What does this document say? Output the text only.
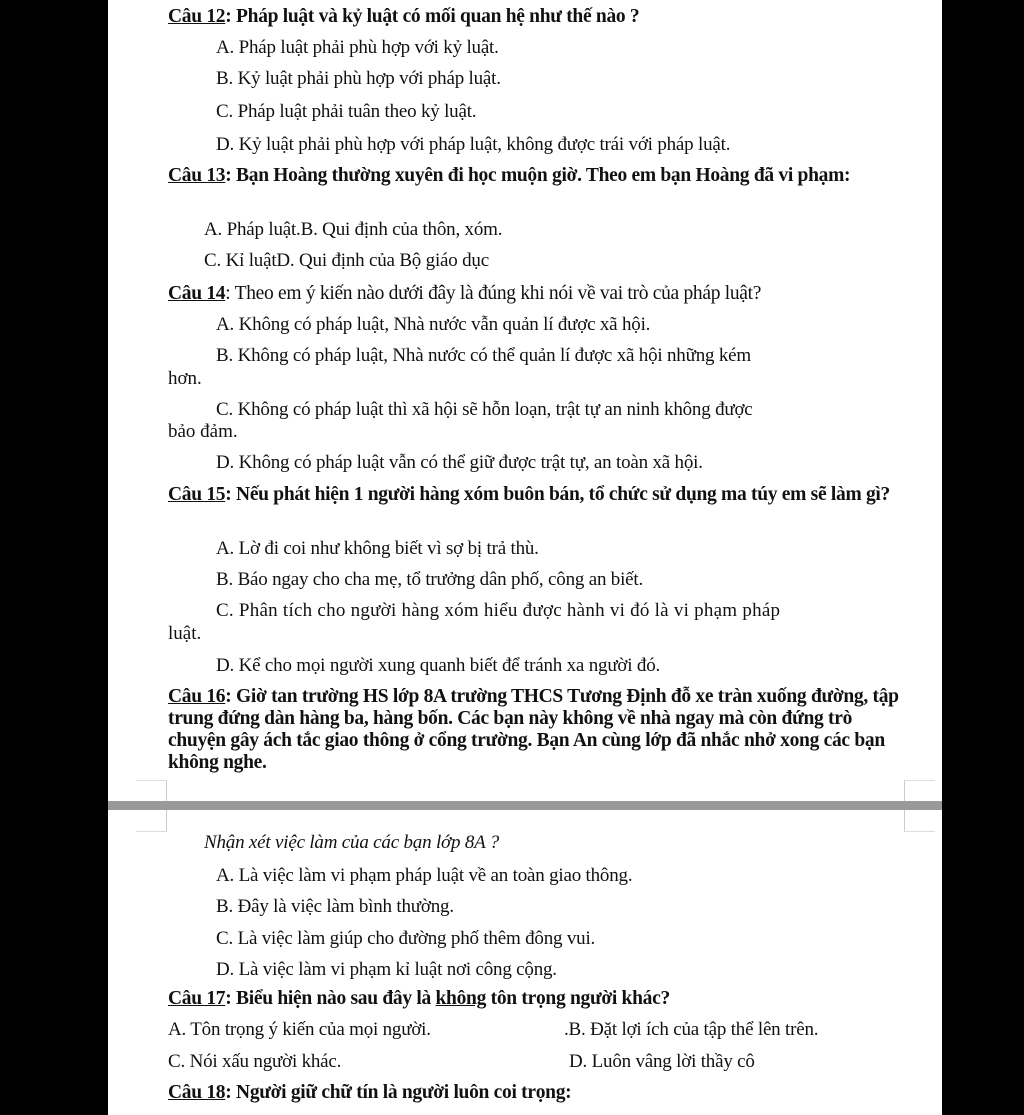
Câu 12: Pháp luật và kỷ luật có mối quan hệ như thế nào ?
A. Pháp luật phải phù hợp với kỷ luật.
B. Kỷ luật phải phù hợp với pháp luật.
C. Pháp luật phải tuân theo kỷ luật.
D. Kỷ luật phải phù hợp với pháp luật, không được trái với pháp luật.
Câu 13: Bạn Hoàng thường xuyên đi học muộn giờ. Theo em bạn Hoàng đã vi phạm:
A. Pháp luật.B. Qui định của thôn, xóm.
C. Kỉ luậtD. Qui định của Bộ giáo dục
Câu 14: Theo em ý kiến nào dưới đây là đúng khi nói về vai trò của pháp luật?
A. Không có pháp luật, Nhà nước vẫn quản lí được xã hội.
B. Không có pháp luật, Nhà nước có thể quản lí được xã hội những kém
hơn.
C. Không có pháp luật thì xã hội sẽ hỗn loạn, trật tự an ninh không được
bảo đảm.
D. Không có pháp luật vẫn có thể giữ được trật tự, an toàn xã hội.
Câu 15: Nếu phát hiện 1 người hàng xóm buôn bán, tổ chức sử dụng ma túy em sẽ làm gì?
A. Lờ đi coi như không biết vì sợ bị trả thù.
B. Báo ngay cho cha mẹ, tổ trưởng dân phố, công an biết.
C. Phân tích cho người hàng xóm hiểu được hành vi đó là vi phạm pháp
luật.
D. Kể cho mọi người xung quanh biết để tránh xa người đó.
Câu 16: Giờ tan trường HS lớp 8A trường THCS Tương Định đỗ xe tràn xuống đường, tập trung đứng dàn hàng ba, hàng bốn. Các bạn này không về nhà ngay mà còn đứng trò chuyện gây ách tắc giao thông ở cổng trường. Bạn An cùng lớp đã nhắc nhở xong các bạn không nghe.
Nhận xét việc làm của các bạn lớp 8A ?
A. Là việc làm vi phạm pháp luật về an toàn giao thông.
B. Đây là việc làm bình thường.
C. Là việc làm giúp cho đường phố thêm đông vui.
D. Là việc làm vi phạm kỉ luật nơi công cộng.
Câu 17: Biểu hiện nào sau đây là không tôn trọng người khác?
A. Tôn trọng ý kiến của mọi người.	.B. Đặt lợi ích của tập thể lên trên.
C. Nói xấu người khác.	D. Luôn vâng lời thầy cô
Câu 18: Người giữ chữ tín là người luôn coi trọng:
